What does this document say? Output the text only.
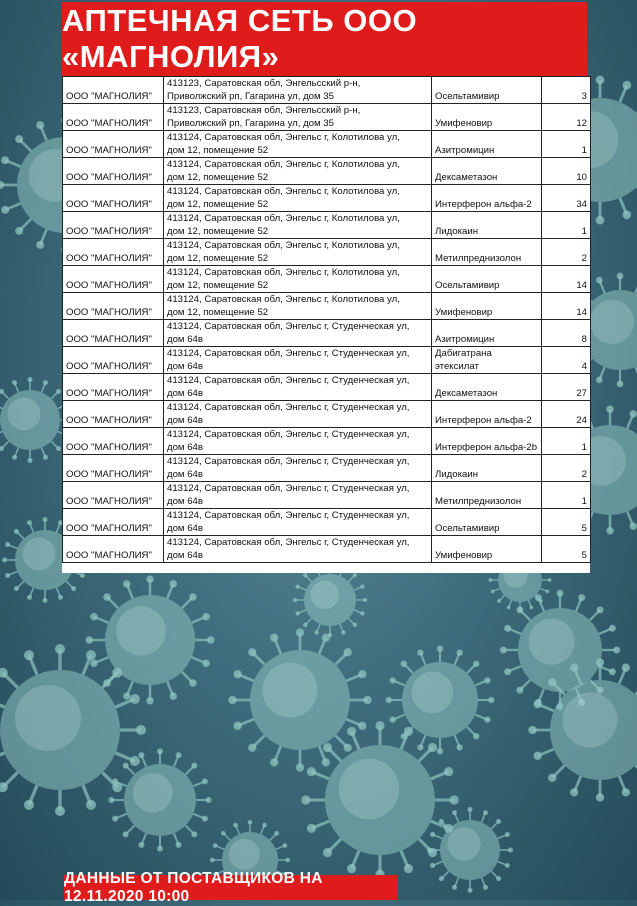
АПТЕЧНАЯ СЕТЬ ООО «МАГНОЛИЯ»
ООО "МАГНОЛИЯ"	413123, Саратовская обл, Энгельсский р-н,
Приволжский рп, Гагарина ул, дом 35	Осельтамивир	3
ООО "МАГНОЛИЯ"	413123, Саратовская обл, Энгельсский р-н,
Приволжский рп, Гагарина ул, дом 35	Умифеновир	12
ООО "МАГНОЛИЯ"	413124, Саратовская обл, Энгельс г, Колотилова ул,
дом 12, помещение 52	Азитромицин	1
ООО "МАГНОЛИЯ"	413124, Саратовская обл, Энгельс г, Колотилова ул,
дом 12, помещение 52	Дексаметазон	10
ООО "МАГНОЛИЯ"	413124, Саратовская обл, Энгельс г, Колотилова ул,
дом 12, помещение 52	Интерферон альфа-2	34
ООО "МАГНОЛИЯ"	413124, Саратовская обл, Энгельс г, Колотилова ул,
дом 12, помещение 52	Лидокаин	1
ООО "МАГНОЛИЯ"	413124, Саратовская обл, Энгельс г, Колотилова ул,
дом 12, помещение 52	Метилпреднизолон	2
ООО "МАГНОЛИЯ"	413124, Саратовская обл, Энгельс г, Колотилова ул,
дом 12, помещение 52	Осельтамивир	14
ООО "МАГНОЛИЯ"	413124, Саратовская обл, Энгельс г, Колотилова ул,
дом 12, помещение 52	Умифеновир	14
ООО "МАГНОЛИЯ"	413124, Саратовская обл, Энгельс г, Студенческая ул,
дом 64в	Азитромицин	8
ООО "МАГНОЛИЯ"	413124, Саратовская обл, Энгельс г, Студенческая ул,
дом 64в	Дабигатрана этексилат	4
ООО "МАГНОЛИЯ"	413124, Саратовская обл, Энгельс г, Студенческая ул,
дом 64в	Дексаметазон	27
ООО "МАГНОЛИЯ"	413124, Саратовская обл, Энгельс г, Студенческая ул,
дом 64в	Интерферон альфа-2	24
ООО "МАГНОЛИЯ"	413124, Саратовская обл, Энгельс г, Студенческая ул,
дом 64в	Интерферон альфа-2b	1
ООО "МАГНОЛИЯ"	413124, Саратовская обл, Энгельс г, Студенческая ул,
дом 64в	Лидокаин	2
ООО "МАГНОЛИЯ"	413124, Саратовская обл, Энгельс г, Студенческая ул,
дом 64в	Метилпреднизолон	1
ООО "МАГНОЛИЯ"	413124, Саратовская обл, Энгельс г, Студенческая ул,
дом 64в	Осельтамивир	5
ООО "МАГНОЛИЯ"	413124, Саратовская обл, Энгельс г, Студенческая ул,
дом 64в	Умифеновир	5
ДАННЫЕ ОТ ПОСТАВЩИКОВ НА 12.11.2020 10:00
